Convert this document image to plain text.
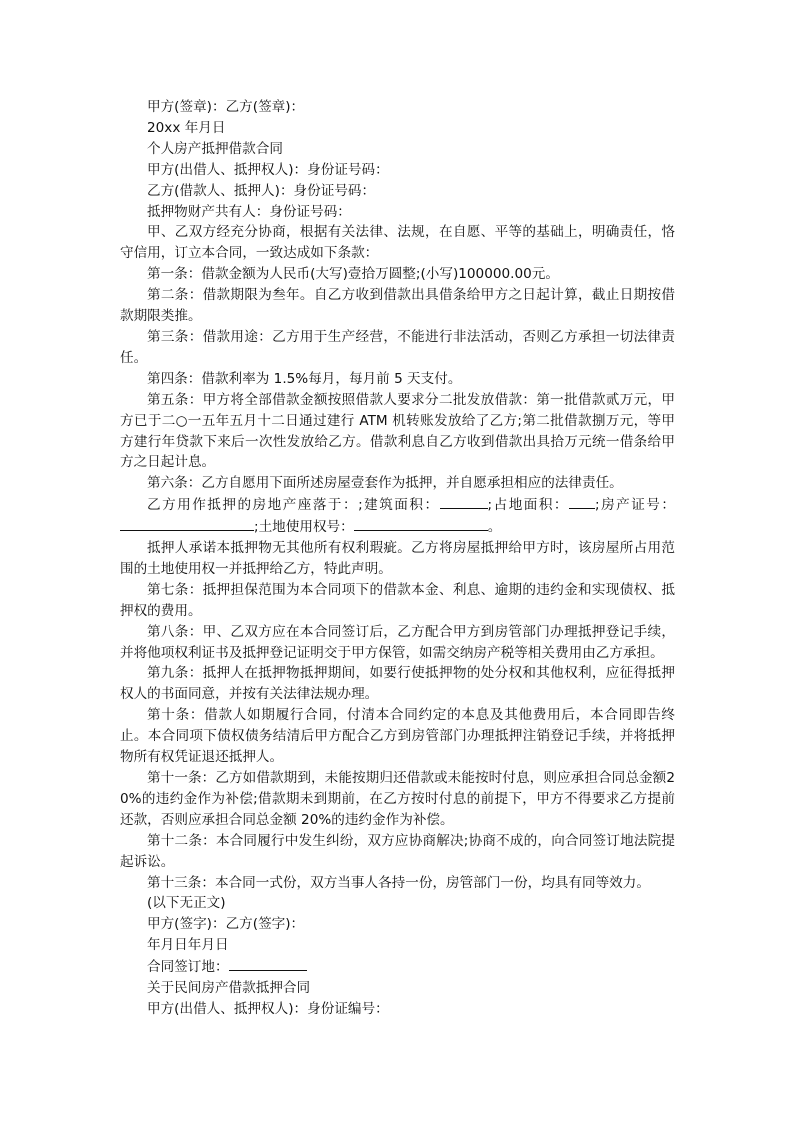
甲方(签章)：乙方(签章)：

20xx 年月日

个人房产抵押借款合同

甲方(出借人、抵押权人)：身份证号码：

乙方(借款人、抵押人)：身份证号码：

抵押物财产共有人：身份证号码：

甲、乙双方经充分协商，根据有关法律、法规，在自愿、平等的基础上，明确责任，恪守信用，订立本合同，一致达成如下条款：

第一条：借款金额为人民币(大写)壹拾万圆整;(小写)100000.00元。

第二条：借款期限为叁年。自乙方收到借款出具借条给甲方之日起计算，截止日期按借款期限类推。

第三条：借款用途：乙方用于生产经营，不能进行非法活动，否则乙方承担一切法律责任。

第四条：借款利率为 1.5%每月，每月前 5 天支付。

第五条：甲方将全部借款金额按照借款人要求分二批发放借款：第一批借款贰万元，甲方已于二○一五年五月十二日通过建行 ATM 机转账发放给了乙方;第二批借款捌万元，等甲方建行年贷款下来后一次性发放给乙方。借款利息自乙方收到借款出具拾万元统一借条给甲方之日起计息。

第六条：乙方自愿用下面所述房屋壹套作为抵押，并自愿承担相应的法律责任。

乙方用作抵押的房地产座落于：;建筑面积：	;占地面积： ;房产证号：;土地使用权号：	。

抵押人承诺本抵押物无其他所有权利瑕疵。乙方将房屋抵押给甲方时，该房屋所占用范围的土地使用权一并抵押给乙方，特此声明。

第七条：抵押担保范围为本合同项下的借款本金、利息、逾期的违约金和实现债权、抵押权的费用。

第八条：甲、乙双方应在本合同签订后，乙方配合甲方到房管部门办理抵押登记手续，并将他项权利证书及抵押登记证明交于甲方保管，如需交纳房产税等相关费用由乙方承担。

第九条：抵押人在抵押物抵押期间，如要行使抵押物的处分权和其他权利，应征得抵押权人的书面同意，并按有关法律法规办理。

第十条：借款人如期履行合同，付清本合同约定的本息及其他费用后，本合同即告终止。本合同项下债权债务结清后甲方配合乙方到房管部门办理抵押注销登记手续，并将抵押物所有权凭证退还抵押人。

第十一条：乙方如借款期到，未能按期归还借款或未能按时付息，则应承担合同总金额20%的违约金作为补偿;借款期未到期前，在乙方按时付息的前提下，甲方不得要求乙方提前还款，否则应承担合同总金额 20%的违约金作为补偿。

第十二条：本合同履行中发生纠纷，双方应协商解决;协商不成的，向合同签订地法院提起诉讼。

第十三条：本合同一式份，双方当事人各持一份，房管部门一份，均具有同等效力。

(以下无正文)

甲方(签字)：乙方(签字)：

年月日年月日

合同签订地：

关于民间房产借款抵押合同

甲方(出借人、抵押权人)：身份证编号：
